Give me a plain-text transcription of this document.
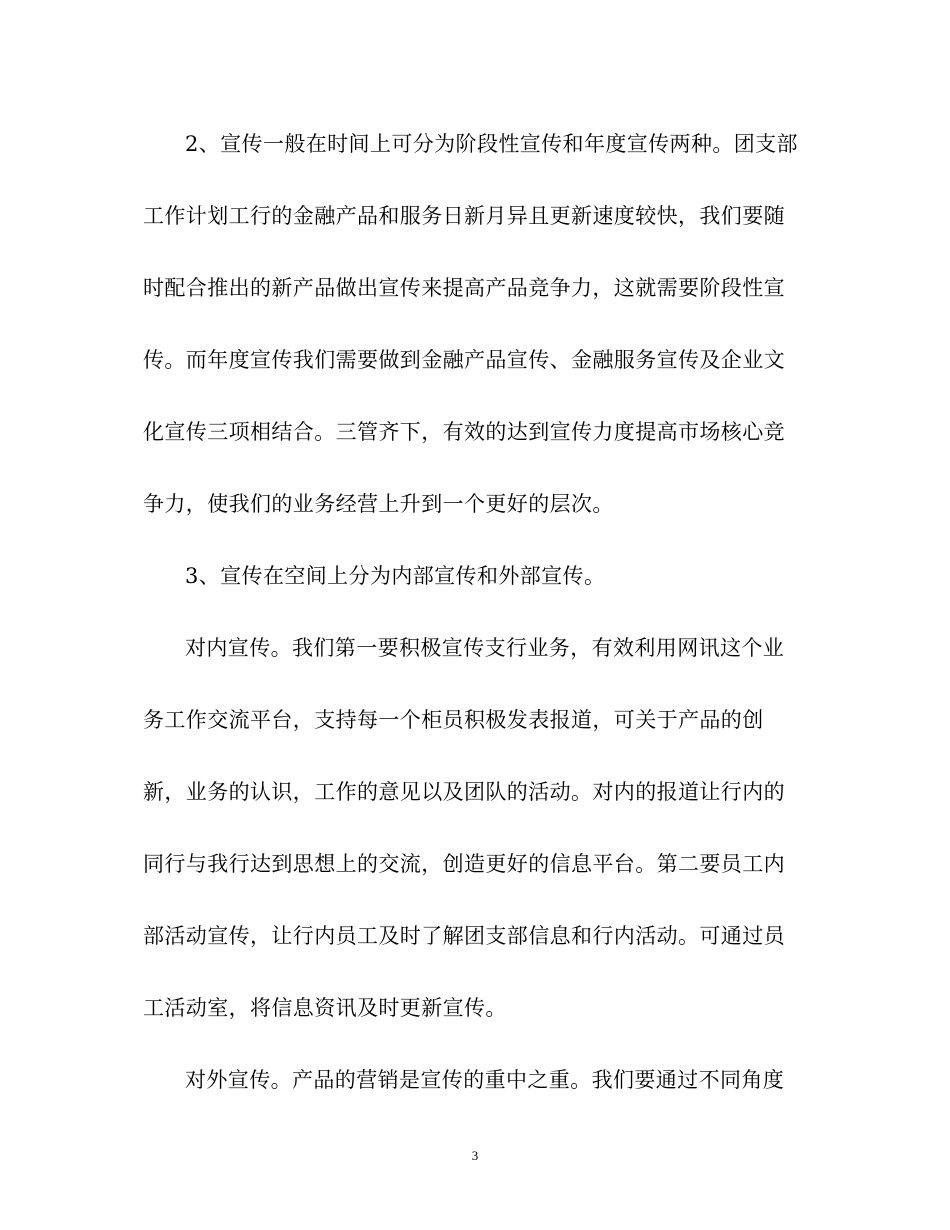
2、宣传一般在时间上可分为阶段性宣传和年度宣传两种。团支部
工作计划工行的金融产品和服务日新月异且更新速度较快，我们要随
时配合推出的新产品做出宣传来提高产品竞争力，这就需要阶段性宣
传。而年度宣传我们需要做到金融产品宣传、金融服务宣传及企业文
化宣传三项相结合。三管齐下，有效的达到宣传力度提高市场核心竞
争力，使我们的业务经营上升到一个更好的层次。
3、宣传在空间上分为内部宣传和外部宣传。
对内宣传。我们第一要积极宣传支行业务，有效利用网讯这个业
务工作交流平台，支持每一个柜员积极发表报道，可关于产品的创
新，业务的认识，工作的意见以及团队的活动。对内的报道让行内的
同行与我行达到思想上的交流，创造更好的信息平台。第二要员工内
部活动宣传，让行内员工及时了解团支部信息和行内活动。可通过员
工活动室，将信息资讯及时更新宣传。
对外宣传。产品的营销是宣传的重中之重。我们要通过不同角度
3
